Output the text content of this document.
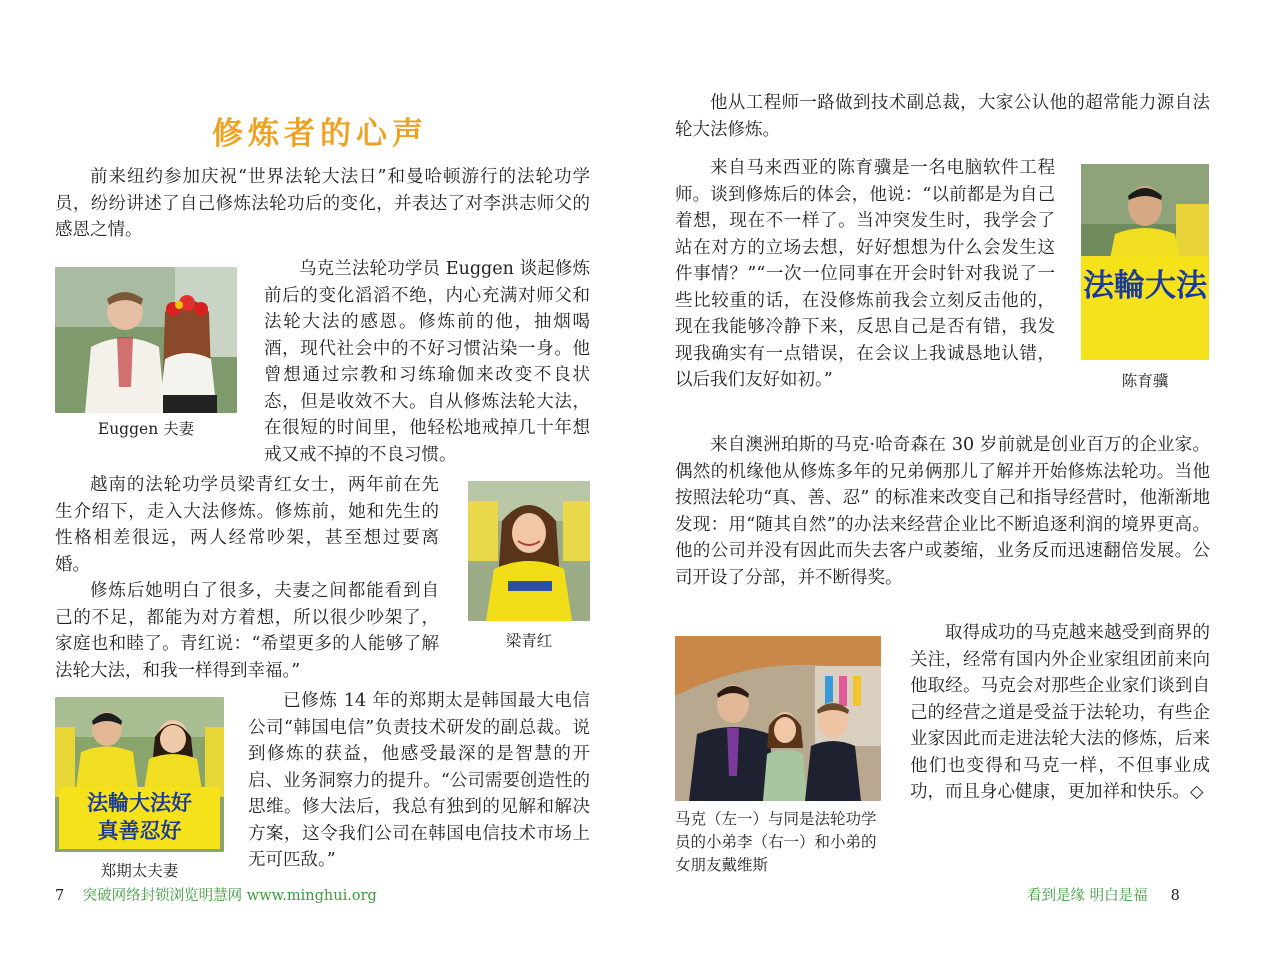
修炼者的心声

前来纽约参加庆祝“世界法轮大法日”和曼哈顿游行的法轮功学员，纷纷讲述了自己修炼法轮功后的变化，并表达了对李洪志师父的感恩之情。

Euggen 夫妻

乌克兰法轮功学员 Euggen 谈起修炼前后的变化滔滔不绝，内心充满对师父和法轮大法的感恩。修炼前的他，抽烟喝酒，现代社会中的不好习惯沾染一身。他曾想通过宗教和习练瑜伽来改变不良状态，但是收效不大。自从修炼法轮大法，在很短的时间里，他轻松地戒掉几十年想戒又戒不掉的不良习惯。

越南的法轮功学员梁青红女士，两年前在先生介绍下，走入大法修炼。修炼前，她和先生的性格相差很远，两人经常吵架，甚至想过要离婚。

修炼后她明白了很多，夫妻之间都能看到自己的不足，都能为对方着想，所以很少吵架了，家庭也和睦了。青红说：“希望更多的人能够了解法轮大法，和我一样得到幸福。”

梁青红
法輪大法好
真善忍好
郑期太夫妻

已修炼 14 年的郑期太是韩国最大电信公司“韩国电信”负责技术研发的副总裁。说到修炼的获益，他感受最深的是智慧的开启、业务洞察力的提升。“公司需要创造性的思维。修大法后，我总有独到的见解和解决方案，这令我们公司在韩国电信技术市场上无可匹敌。”

7 突破网络封锁浏览明慧网 www.minghui.org

他从工程师一路做到技术副总裁，大家公认他的超常能力源自法轮大法修炼。

来自马来西亚的陈育骥是一名电脑软件工程师。谈到修炼后的体会，他说：“以前都是为自己着想，现在不一样了。当冲突发生时，我学会了站在对方的立场去想，好好想想为什么会发生这件事情？”“一次一位同事在开会时针对我说了一些比较重的话，在没修炼前我会立刻反击他的，现在我能够冷静下来，反思自己是否有错，我发现我确实有一点错误，在会议上我诚恳地认错，以后我们友好如初。”

法輪大法
陈育骥

来自澳洲珀斯的马克·哈奇森在 30 岁前就是创业百万的企业家。偶然的机缘他从修炼多年的兄弟俩那儿了解并开始修炼法轮功。当他按照法轮功“真、善、忍” 的标准来改变自己和指导经营时，他渐渐地发现：用“随其自然”的办法来经营企业比不断追逐利润的境界更高。他的公司并没有因此而失去客户或萎缩，业务反而迅速翻倍发展。公司开设了分部，并不断得奖。

马克（左一）与同是法轮功学员的小弟李（右一）和小弟的女朋友戴维斯

取得成功的马克越来越受到商界的关注，经常有国内外企业家组团前来向他取经。马克会对那些企业家们谈到自己的经营之道是受益于法轮功，有些企业家因此而走进法轮大法的修炼，后来他们也变得和马克一样，不但事业成功，而且身心健康，更加祥和快乐。◇

看到是缘 明白是福 8
